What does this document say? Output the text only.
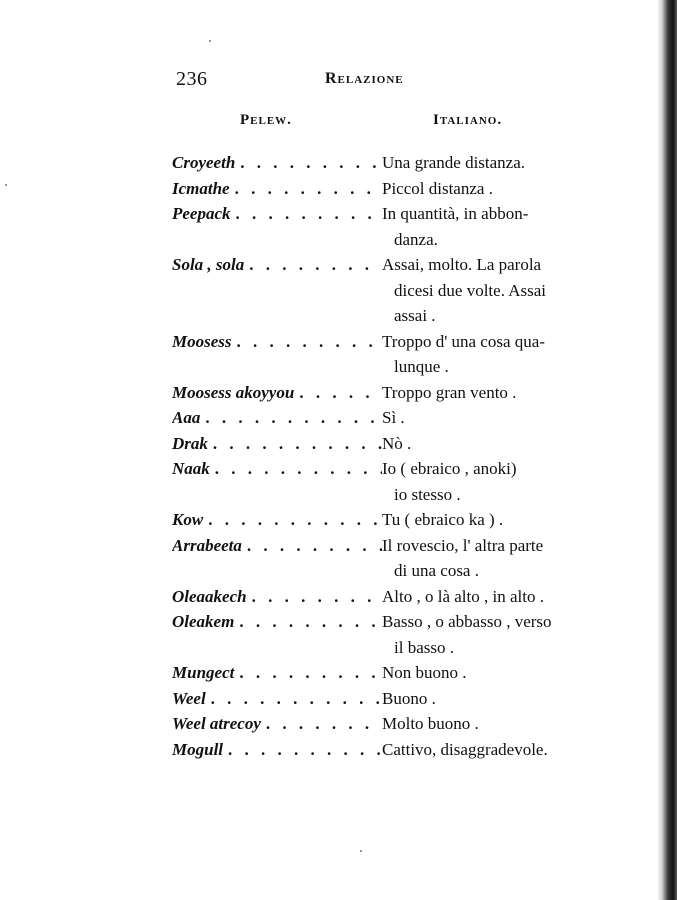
236	Relazione
Pelew.	Italiano.
Croyeeth . . .	Una grande distanza.
Icmathe . . .	Piccol distanza .
Peepack . . .	In quantità, in abbon-
danza.
Sola , sola . . .	Assai, molto. La parola
dicesi due volte. Assai
assai .
Moosess . . .	Troppo d' una cosa qua-
lunque .
Moosess akoyyou . . .	Troppo gran vento .
Aaa . . .	Sì .
Drak . . .	Nò .
Naak . . .	Io ( ebraico , anoki)
io stesso .
Kow . . .	Tu ( ebraico ka ) .
Arrabeeta . . .	Il rovescio, l' altra parte
di una cosa .
Oleaakech . . .	Alto , o là alto , in alto .
Oleakem . . .	Basso , o abbasso , verso
il basso .
Mungect . . .	Non buono .
Weel . . .	Buono .
Weel atrecoy . . .	Molto buono .
Mogull . . .	Cattivo, disaggradevole.
